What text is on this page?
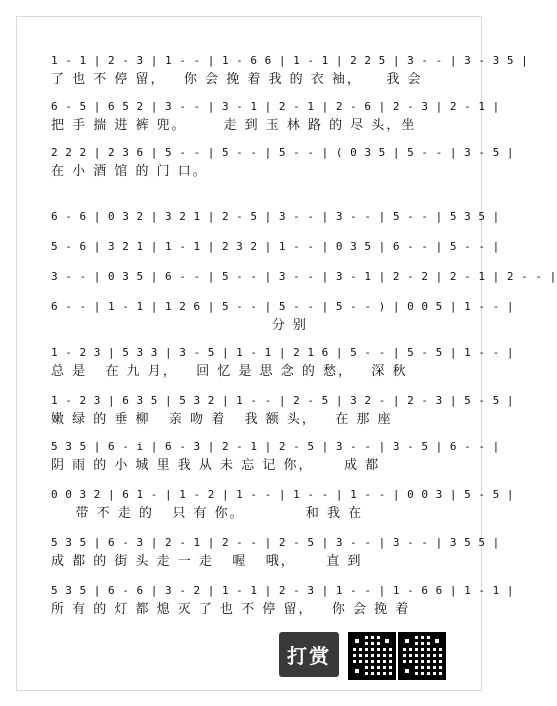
1 - 1 | 2 - 3 | 1 - - | 1 - 6 6 | 1 - 1 | 2 2 5 | 3 - - | 3 - 3 5 |
了 也 不 停 留，   你 会 挽 着 我 的 衣 袖，    我 会
6 - 5 | 6 5 2 | 3 - - | 3 - 1 | 2 - 1 | 2 - 6 | 2 - 3 | 2 - 1 |
把 手 揣 进 裤 兜。      走 到 玉 林 路 的 尽 头，坐
2 2 2 | 2 3 6 | 5 - - | 5 - - | 5 - - | ( 0 3 5 | 5 - - | 3 - 5 |
在 小 酒 馆 的 门 口。
6 - 6 | 0 3 2 | 3 2 1 | 2 - 5 | 3 - - | 3 - - | 5 - - | 5 3 5 |
5 - 6 | 3 2 1 | 1 - 1 | 2 3 2 | 1 - - | 0 3 5 | 6 - - | 5 - - |
3 - - | 0 3 5 | 6 - - | 5 - - | 3 - - | 3 - 1 | 2 - 2 | 2 - 1 | 2 - - |
6 - - | 1 - 1 | 1 2 6 | 5 - - | 5 - - | 5 - - ) | 0 0 5 | 1 - - |
分 别
1 - 2 3 | 5 3 3 | 3 - 5 | 1 - 1 | 2 1 6 | 5 - - | 5 - 5 | 1 - - |
总 是   在 九 月，   回 忆 是 思 念 的 愁，   深 秋
1 - 2 3 | 6 3 5 | 5 3 2 | 1 - - | 2 - 5 | 3 2 - | 2 - 3 | 5 - 5 |
嫩 绿 的 垂 柳   亲 吻 着   我 额 头，   在 那 座
5 3 5 | 6 - i | 6 - 3 | 2 - 1 | 2 - 5 | 3 - - | 3 - 5 | 6 - - |
阴 雨 的 小 城 里 我 从 未 忘 记 你，     成 都
0 0 3 2 | 6 1 - | 1 - 2 | 1 - - | 1 - - | 1 - - | 0 0 3 | 5 - 5 |
带 不 走 的   只 有 你。          和 我 在
5 3 5 | 6 - 3 | 2 - 1 | 2 - - | 2 - 5 | 3 - - | 3 - - | 3 5 5 |
成 都 的 街 头 走 一 走   喔   哦，     直 到
5 3 5 | 6 - 6 | 3 - 2 | 1 - 1 | 2 - 3 | 1 - - | 1 - 6 6 | 1 - 1 |
所 有 的 灯 都 熄 灭 了 也 不 停 留，   你 会 挽 着
打赏
